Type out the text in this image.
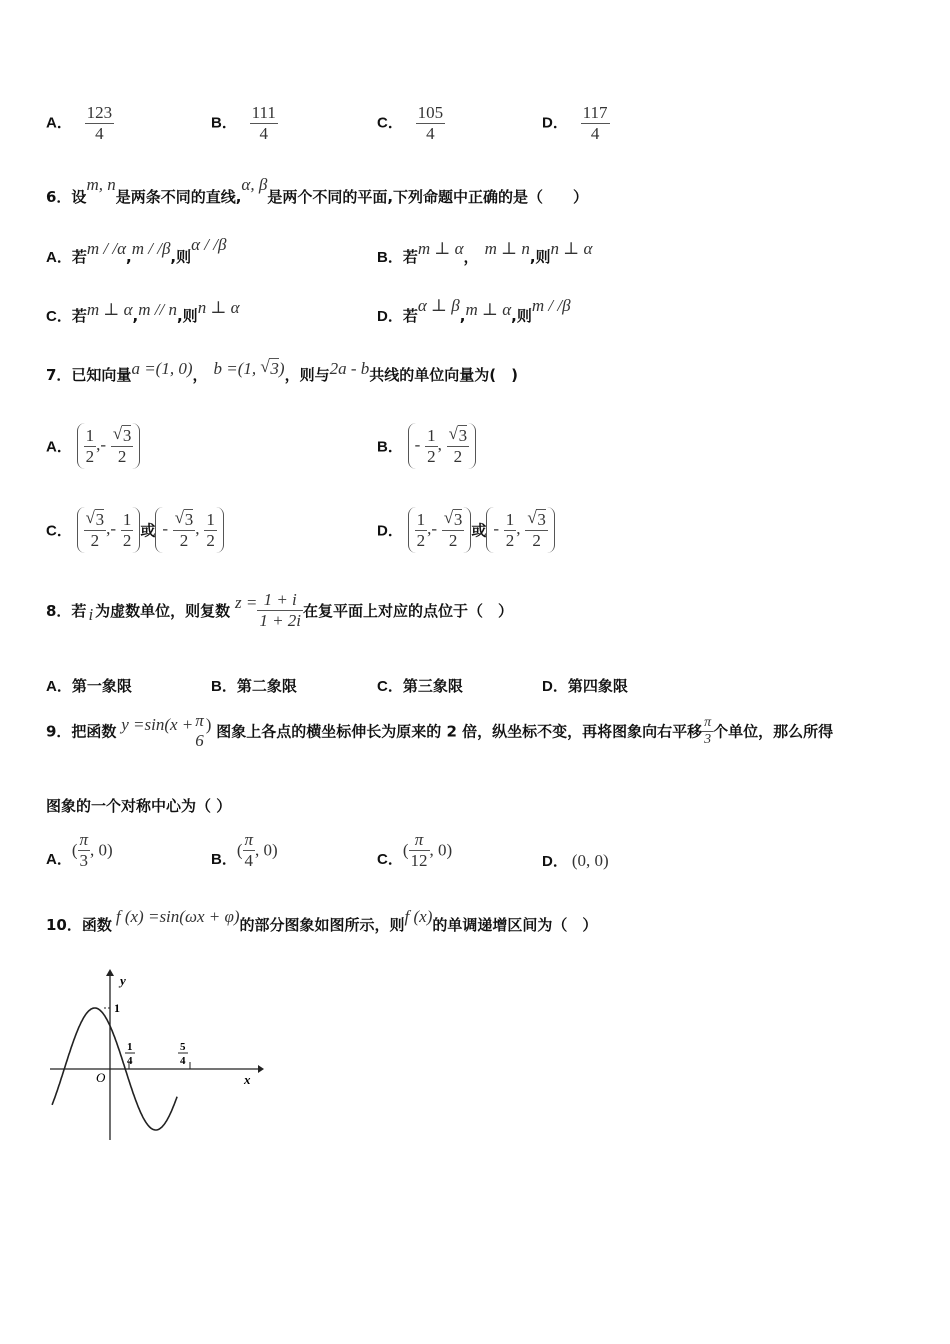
A． $\frac{123}{4}$	B． $\frac{111}{4}$	C． $\frac{105}{4}$	D． $\frac{117}{4}$
6．设m, n是两条不同的直线,α, β是两个不同的平面,下列命题中正确的是（　　）
A．若m / /α,m / /β,则α / /β
B．若m ⊥ α， m ⊥ n,则n ⊥ α
C．若m ⊥ α,m // n,则n ⊥ α	D．若α ⊥ β,m ⊥ α,则m / /β
7．已知向量a =(1, 0)， b =(1, √ 3)，则与2a - b共线的单位向量为(　)
A． $\frac{1}{2}$ ,- √ $\frac{3}{2}$	B． - $\frac{1}{2}$ , √ $\frac{3}{2}$
C． √ $\frac{3}{2}$ ,- $\frac{1}{2}$ 或 - √ $\frac{3}{2}$ , $\frac{1}{2}$	D． $\frac{1}{2}$ ,- √ $\frac{3}{2}$ 或 - $\frac{1}{2}$ , √ $\frac{3}{2}$
8．若 i 为虚数单位，则复数 $z = \frac{1 + i}{1 + 2i}$ 在复平面上对应的点位于（　）
A．第一象限	B．第二象限	C．第三象限	D．第四象限
9．把函数 y =sin(x + π
6
) 图象上各点的横坐标伸长为原来的 2 倍，纵坐标不变，再将图象向右平移 $\frac{\pi}{3}$ 个单位，那么所得
图象的一个对称中心为（ ）
A．( $\frac{\pi}{3}$ , 0)	B．( $\frac{\pi}{4}$ , 0)	C．( $\frac{\pi}{12}$ , 0)
D． (0, 0)
10．函数 f (x) =sin(ωx + φ)的部分图象如图所示，则f (x)的单调递增区间为（　）
y
x
O
1
1
4
5
4
